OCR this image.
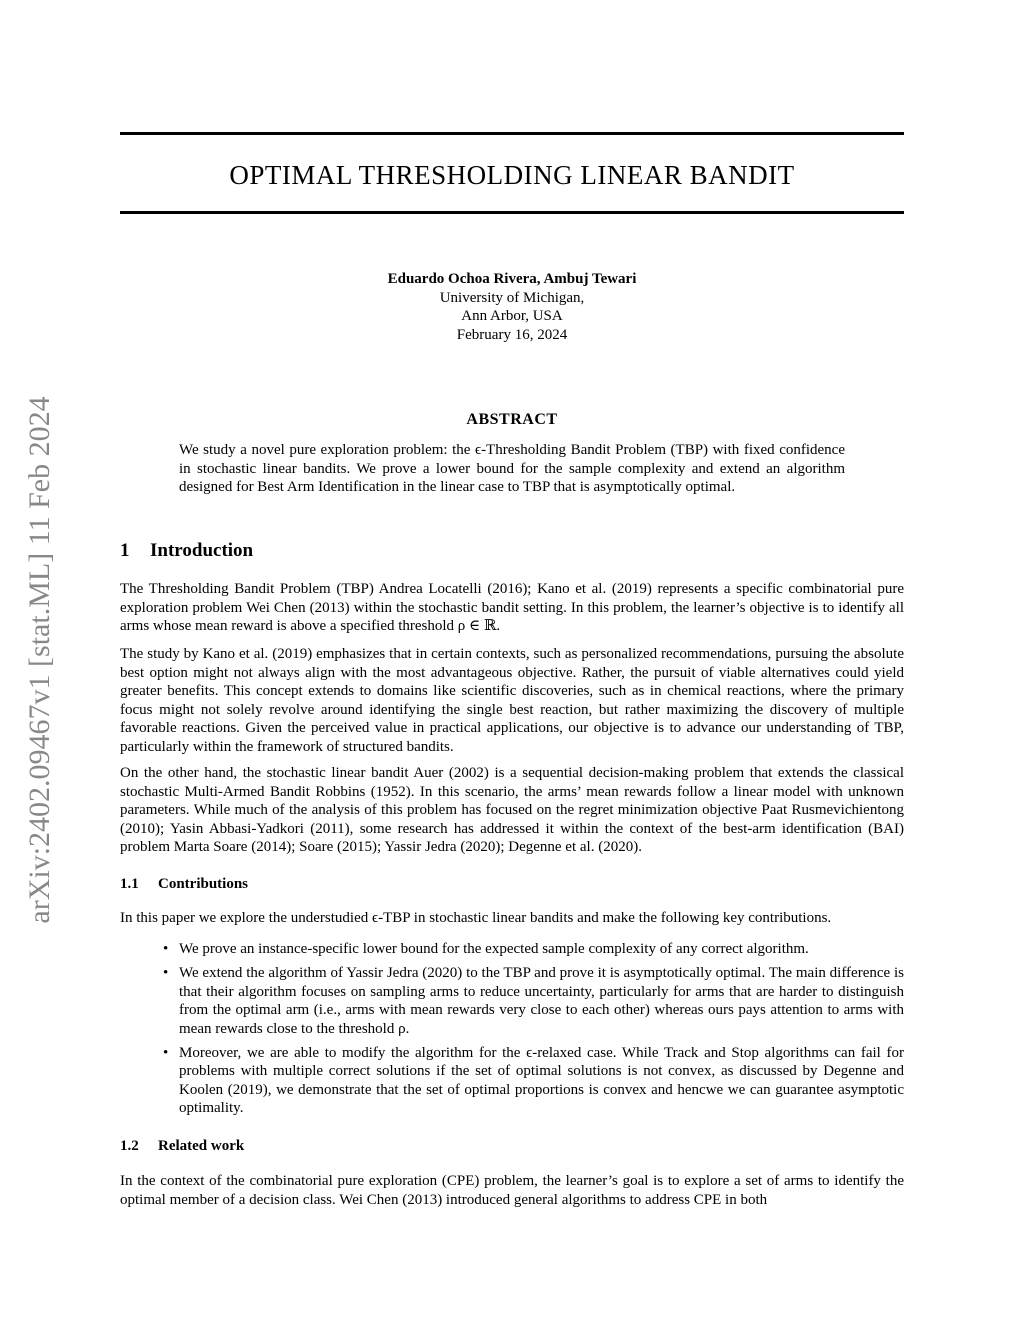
arXiv:2402.09467v1 [stat.ML] 11 Feb 2024
OPTIMAL THRESHOLDING LINEAR BANDIT
Eduardo Ochoa Rivera, Ambuj Tewari
University of Michigan,
Ann Arbor, USA
February 16, 2024
ABSTRACT
We study a novel pure exploration problem: the ϵ-Thresholding Bandit Problem (TBP) with fixed confidence in stochastic linear bandits. We prove a lower bound for the sample complexity and extend an algorithm designed for Best Arm Identification in the linear case to TBP that is asymptotically optimal.
1 Introduction
The Thresholding Bandit Problem (TBP) Andrea Locatelli (2016); Kano et al. (2019) represents a specific combinatorial pure exploration problem Wei Chen (2013) within the stochastic bandit setting. In this problem, the learner’s objective is to identify all arms whose mean reward is above a specified threshold ρ ∈ ℝ.
The study by Kano et al. (2019) emphasizes that in certain contexts, such as personalized recommendations, pursuing the absolute best option might not always align with the most advantageous objective. Rather, the pursuit of viable alternatives could yield greater benefits. This concept extends to domains like scientific discoveries, such as in chemical reactions, where the primary focus might not solely revolve around identifying the single best reaction, but rather maximizing the discovery of multiple favorable reactions. Given the perceived value in practical applications, our objective is to advance our understanding of TBP, particularly within the framework of structured bandits.
On the other hand, the stochastic linear bandit Auer (2002) is a sequential decision-making problem that extends the classical stochastic Multi-Armed Bandit Robbins (1952). In this scenario, the arms’ mean rewards follow a linear model with unknown parameters. While much of the analysis of this problem has focused on the regret minimization objective Paat Rusmevichientong (2010); Yasin Abbasi-Yadkori (2011), some research has addressed it within the context of the best-arm identification (BAI) problem Marta Soare (2014); Soare (2015); Yassir Jedra (2020); Degenne et al. (2020).
1.1 Contributions
In this paper we explore the understudied ϵ-TBP in stochastic linear bandits and make the following key contributions.
• We prove an instance-specific lower bound for the expected sample complexity of any correct algorithm.
• We extend the algorithm of Yassir Jedra (2020) to the TBP and prove it is asymptotically optimal. The main difference is that their algorithm focuses on sampling arms to reduce uncertainty, particularly for arms that are harder to distinguish from the optimal arm (i.e., arms with mean rewards very close to each other) whereas ours pays attention to arms with mean rewards close to the threshold ρ.
• Moreover, we are able to modify the algorithm for the ϵ-relaxed case. While Track and Stop algorithms can fail for problems with multiple correct solutions if the set of optimal solutions is not convex, as discussed by Degenne and Koolen (2019), we demonstrate that the set of optimal proportions is convex and hencwe we can guarantee asymptotic optimality.
1.2 Related work
In the context of the combinatorial pure exploration (CPE) problem, the learner’s goal is to explore a set of arms to identify the optimal member of a decision class. Wei Chen (2013) introduced general algorithms to address CPE in both
